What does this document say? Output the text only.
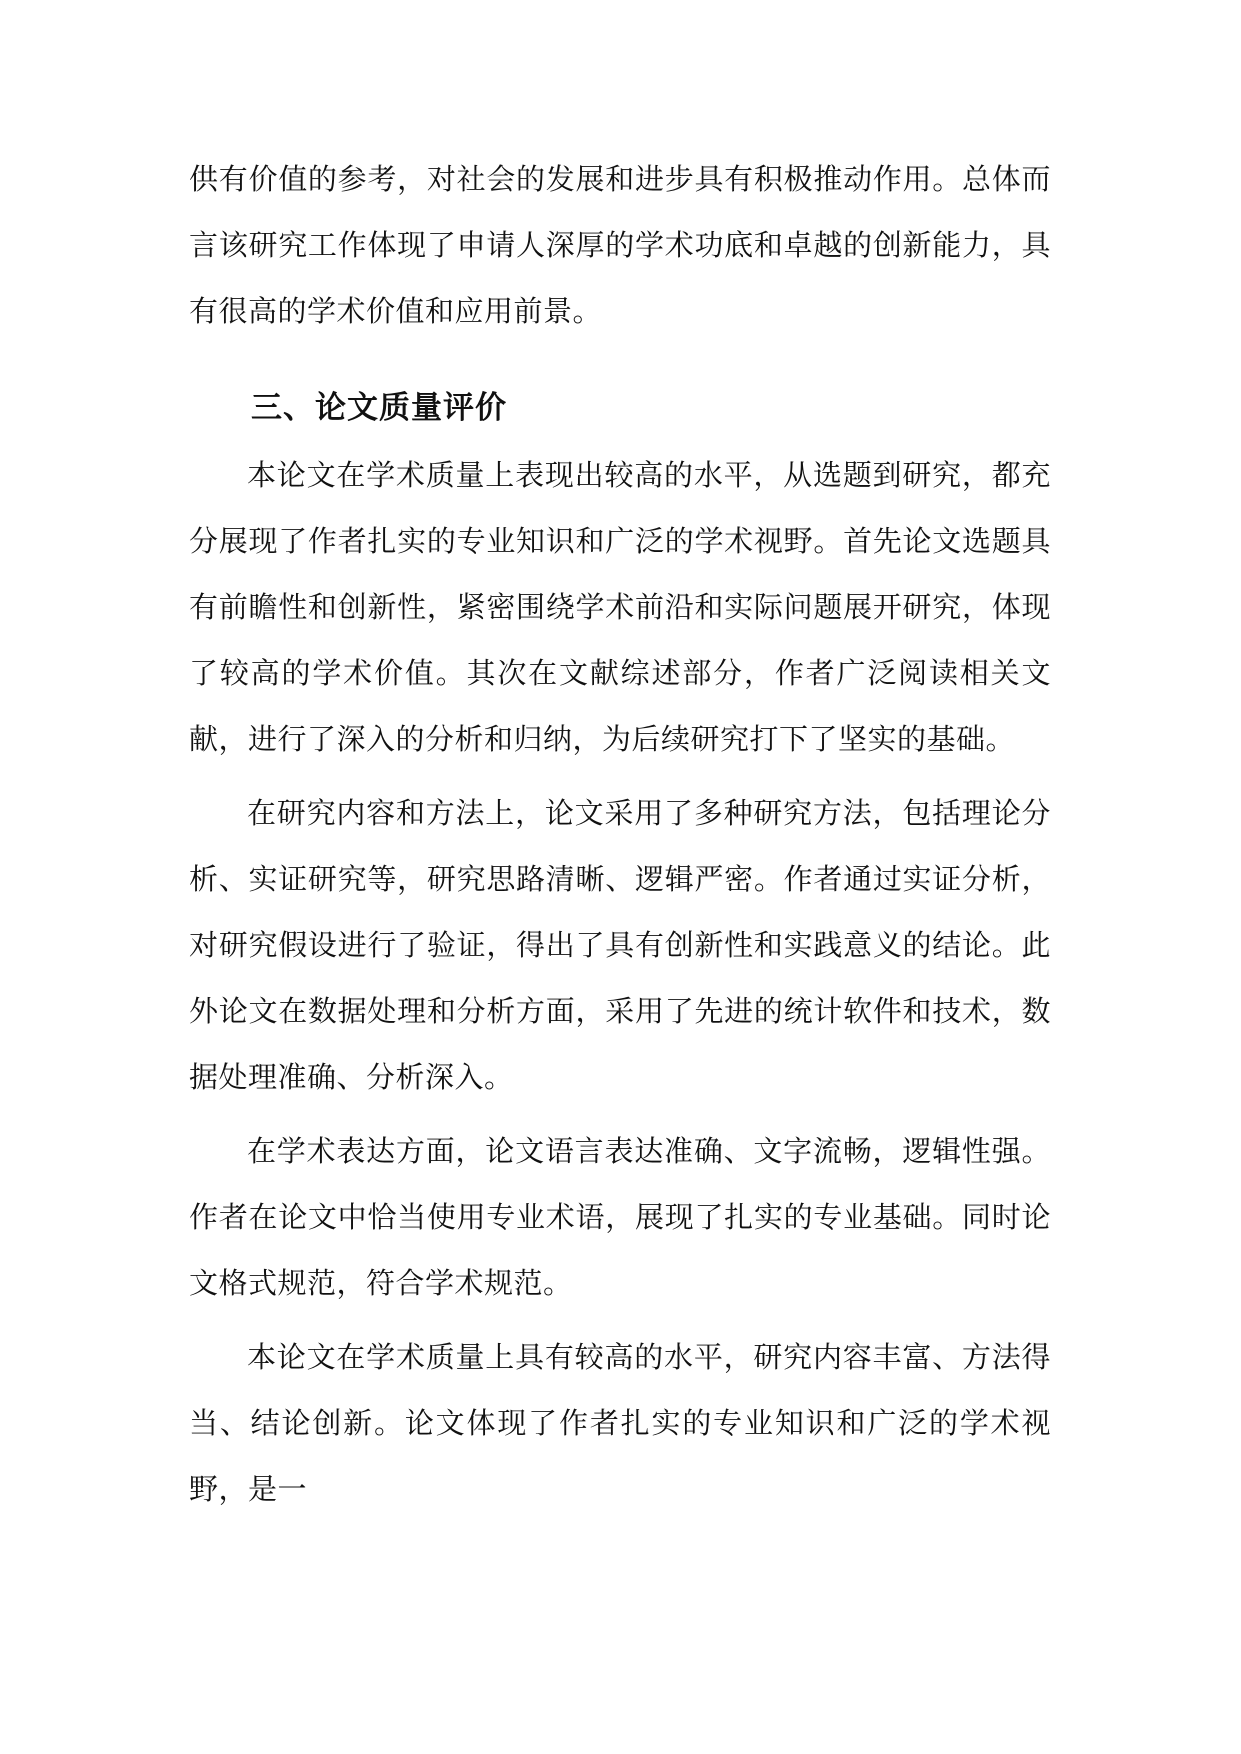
供有价值的参考，对社会的发展和进步具有积极推动作用。总体而言该研究工作体现了申请人深厚的学术功底和卓越的创新能力，具有很高的学术价值和应用前景。

三、论文质量评价

本论文在学术质量上表现出较高的水平，从选题到研究，都充分展现了作者扎实的专业知识和广泛的学术视野。首先论文选题具有前瞻性和创新性，紧密围绕学术前沿和实际问题展开研究，体现了较高的学术价值。其次在文献综述部分，作者广泛阅读相关文献，进行了深入的分析和归纳，为后续研究打下了坚实的基础。

在研究内容和方法上，论文采用了多种研究方法，包括理论分析、实证研究等，研究思路清晰、逻辑严密。作者通过实证分析，对研究假设进行了验证，得出了具有创新性和实践意义的结论。此外论文在数据处理和分析方面，采用了先进的统计软件和技术，数据处理准确、分析深入。

在学术表达方面，论文语言表达准确、文字流畅，逻辑性强。作者在论文中恰当使用专业术语，展现了扎实的专业基础。同时论文格式规范，符合学术规范。

本论文在学术质量上具有较高的水平，研究内容丰富、方法得当、结论创新。论文体现了作者扎实的专业知识和广泛的学术视野，是一
